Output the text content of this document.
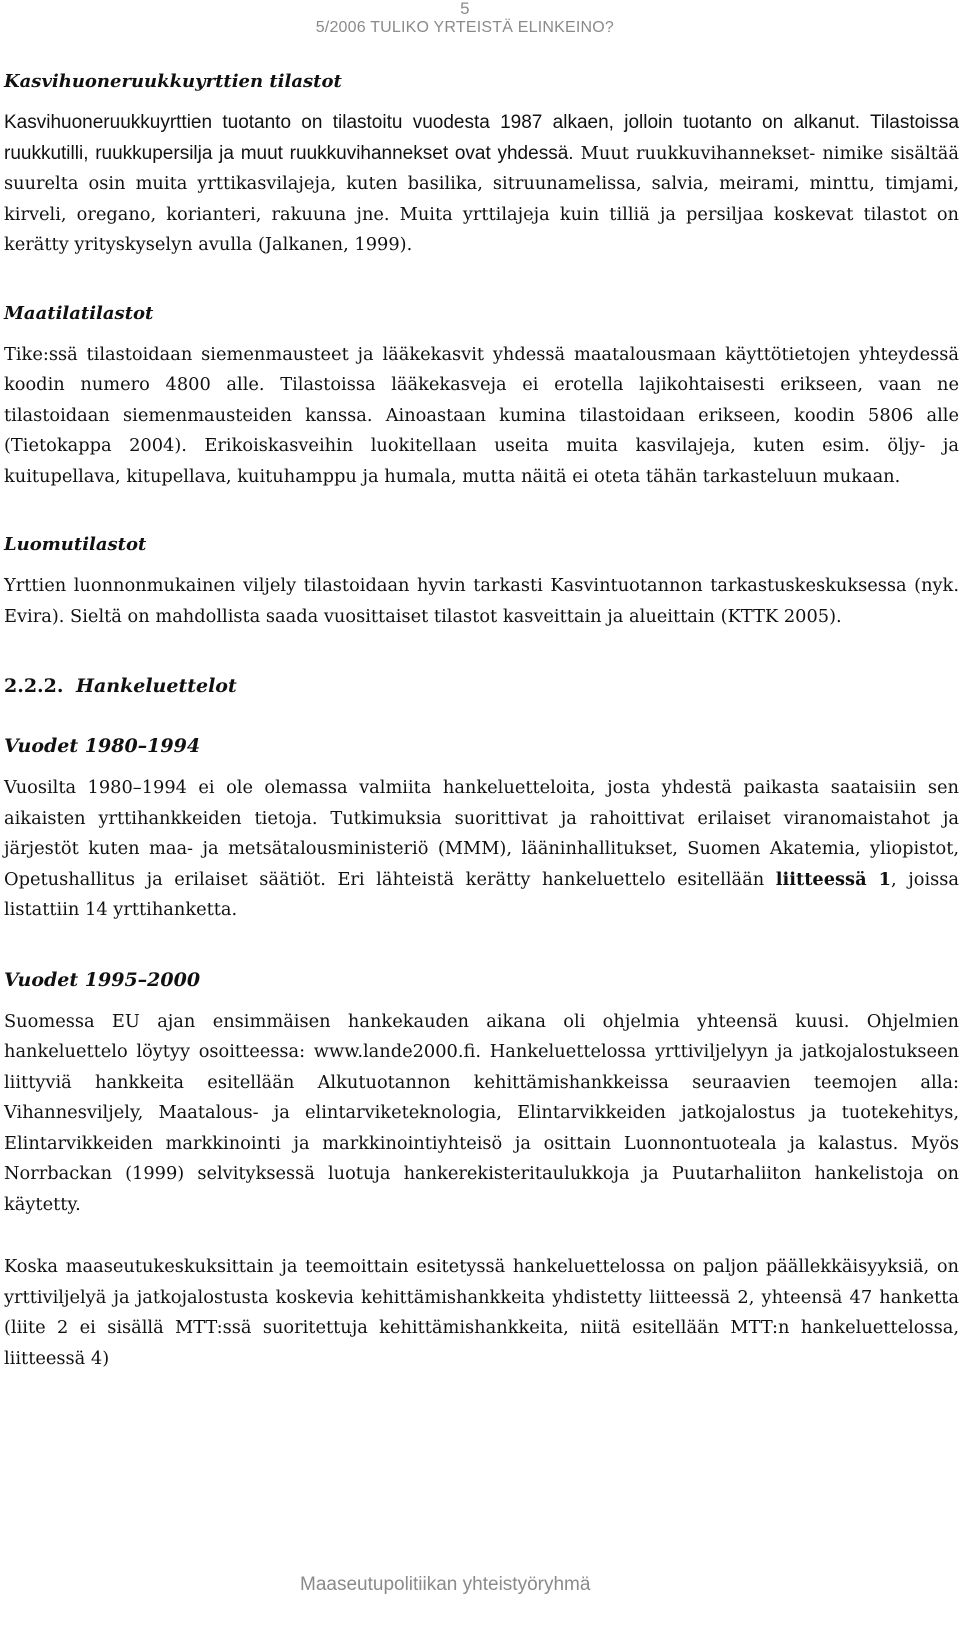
5
5/2006 TULIKO YRTEISTÄ ELINKEINO?
Kasvihuoneruukkuyrttien tilastot

Kasvihuoneruukkuyrttien tuotanto on tilastoitu vuodesta 1987 alkaen, jolloin tuotanto on alkanut. Tilastoissa ruukkutilli, ruukkupersilja ja muut ruukkuvihannekset ovat yhdessä. Muut ruukkuvihannekset- nimike sisältää suurelta osin muita yrttikasvilajeja, kuten basilika, sitruunamelissa, salvia, meirami, minttu, timjami, kirveli, oregano, korianteri, rakuuna jne. Muita yrttilajeja kuin tilliä ja persiljaa koskevat tilastot on kerätty yrityskyselyn avulla (Jalkanen, 1999).

Maatilatilastot

Tike:ssä tilastoidaan siemenmausteet ja lääkekasvit yhdessä maatalousmaan käyttötietojen yhteydessä koodin numero 4800 alle. Tilastoissa lääkekasveja ei erotella lajikohtaisesti erikseen, vaan ne tilastoidaan siemenmausteiden kanssa. Ainoastaan kumina tilastoidaan erikseen, koodin 5806 alle (Tietokappa 2004). Erikoiskasveihin luokitellaan useita muita kasvilajeja, kuten esim. öljy- ja kuitupellava, kitupellava, kuituhamppu ja humala, mutta näitä ei oteta tähän tarkasteluun mukaan.

Luomutilastot

Yrttien luonnonmukainen viljely tilastoidaan hyvin tarkasti Kasvintuotannon tarkastuskeskuksessa (nyk. Evira). Sieltä on mahdollista saada vuosittaiset tilastot kasveittain ja alueittain (KTTK 2005).

2.2.2. Hankeluettelot
Vuodet 1980–1994

Vuosilta 1980–1994 ei ole olemassa valmiita hankeluetteloita, josta yhdestä paikasta saataisiin sen aikaisten yrttihankkeiden tietoja. Tutkimuksia suorittivat ja rahoittivat erilaiset viranomaistahot ja järjestöt kuten maa- ja metsätalousministeriö (MMM), lääninhallitukset, Suomen Akatemia, yliopistot, Opetushallitus ja erilaiset säätiöt. Eri lähteistä kerätty hankeluettelo esitellään liitteessä 1, joissa listattiin 14 yrttihanketta.

Vuodet 1995–2000

Suomessa EU ajan ensimmäisen hankekauden aikana oli ohjelmia yhteensä kuusi. Ohjelmien hankeluettelo löytyy osoitteessa: www.lande2000.fi. Hankeluettelossa yrttiviljelyyn ja jatkojalostukseen liittyviä hankkeita esitellään Alkutuotannon kehittämishankkeissa seuraavien teemojen alla: Vihannesviljely, Maatalous- ja elintarviketeknologia, Elintarvikkeiden jatkojalostus ja tuotekehitys, Elintarvikkeiden markkinointi ja markkinointiyhteisö ja osittain Luonnontuoteala ja kalastus. Myös Norrbackan (1999) selvityksessä luotuja hankerekisteritaulukkoja ja Puutarhaliiton hankelistoja on käytetty.

Koska maaseutukeskuksittain ja teemoittain esitetyssä hankeluettelossa on paljon päällekkäisyyksiä, on yrttiviljelyä ja jatkojalostusta koskevia kehittämishankkeita yhdistetty liitteessä 2, yhteensä 47 hanketta (liite 2 ei sisällä MTT:ssä suoritettuja kehittämishankkeita, niitä esitellään MTT:n hankeluettelossa, liitteessä 4)

Maaseutupolitiikan yhteistyöryhmä
